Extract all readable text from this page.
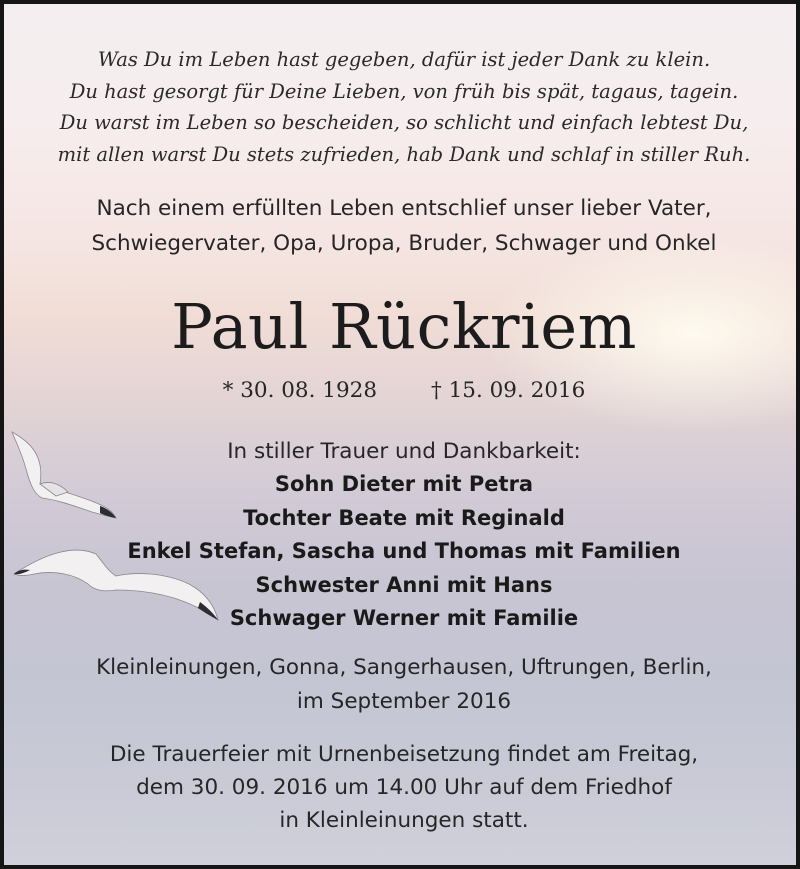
Was Du im Leben hast gegeben, dafür ist jeder Dank zu klein.
Du hast gesorgt für Deine Lieben, von früh bis spät, tagaus, tagein.
Du warst im Leben so bescheiden, so schlicht und einfach lebtest Du,
mit allen warst Du stets zufrieden, hab Dank und schlaf in stiller Ruh.
Nach einem erfüllten Leben entschlief unser lieber Vater,
Schwiegervater, Opa, Uropa, Bruder, Schwager und Onkel
Paul Rückriem
* 30. 08. 1928	† 15. 09. 2016
In stiller Trauer und Dankbarkeit:
Sohn Dieter mit Petra
Tochter Beate mit Reginald
Enkel Stefan, Sascha und Thomas mit Familien
Schwester Anni mit Hans
Schwager Werner mit Familie
Kleinleinungen, Gonna, Sangerhausen, Uftrungen, Berlin,
im September 2016
Die Trauerfeier mit Urnenbeisetzung findet am Freitag,
dem 30. 09. 2016 um 14.00 Uhr auf dem Friedhof
in Kleinleinungen statt.
